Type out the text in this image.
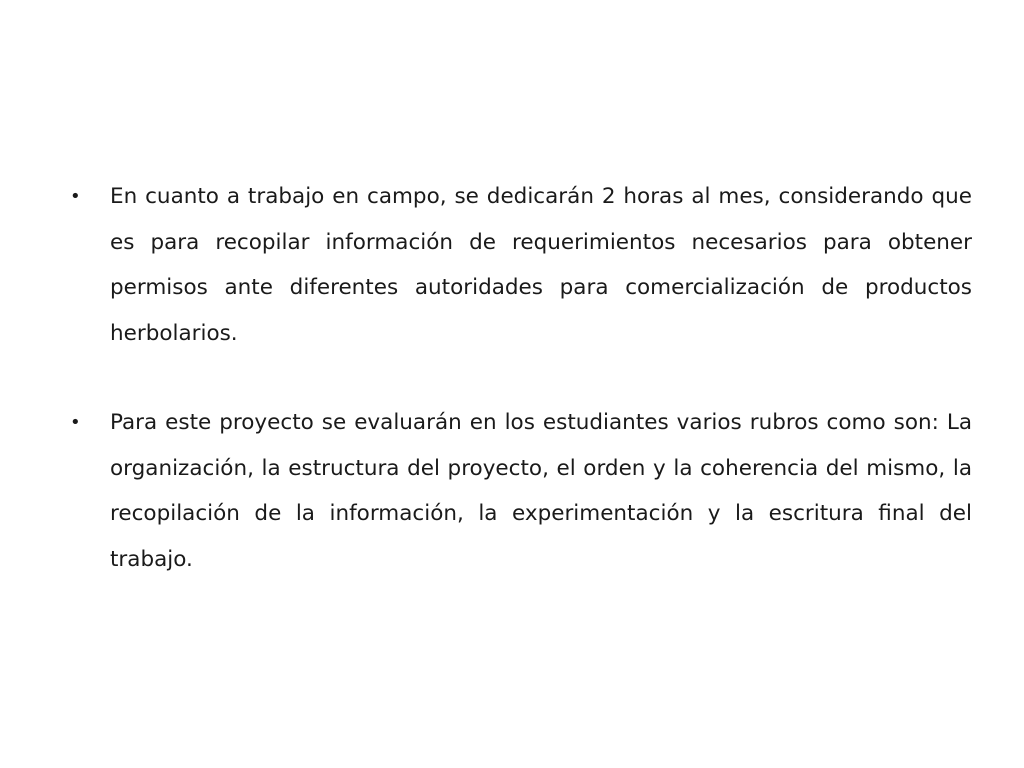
• En cuanto a trabajo en campo, se dedicarán 2 horas al mes, considerando que es para recopilar información de requerimientos necesarios para obtener permisos ante diferentes autoridades para comercialización de productos herbolarios.
• Para este proyecto se evaluarán en los estudiantes varios rubros como son: La organización, la estructura del proyecto, el orden y la coherencia del mismo, la recopilación de la información, la experimentación y la escritura final del trabajo.
